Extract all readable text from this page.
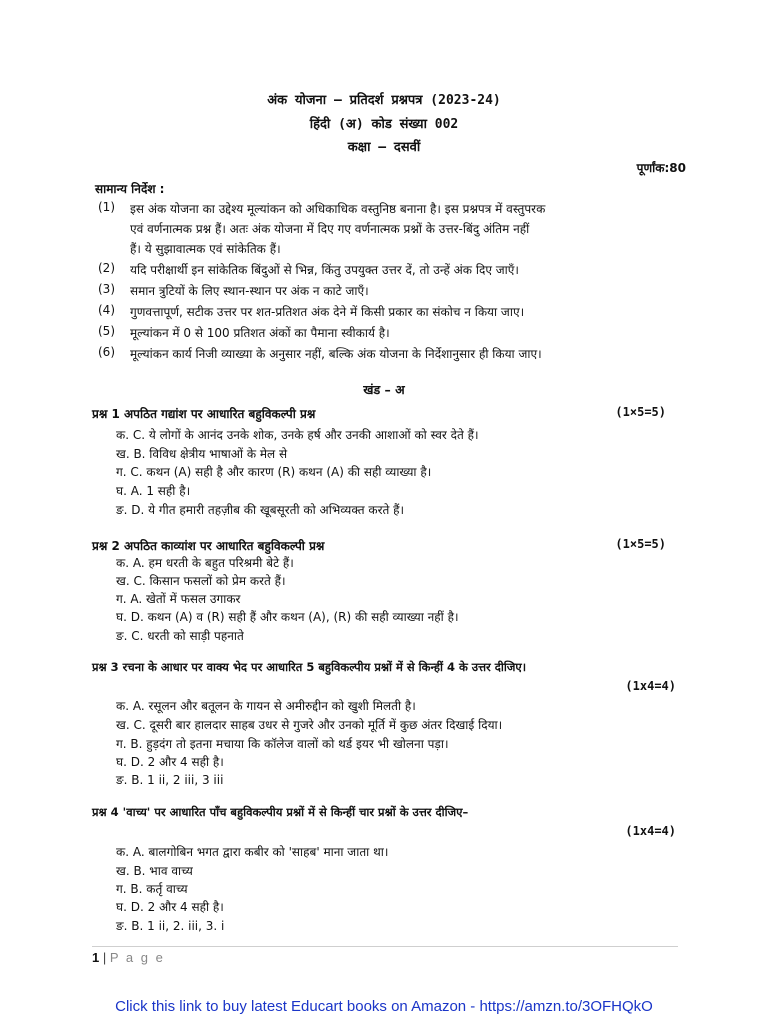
अंक योजना – प्रतिदर्श प्रश्नपत्र (2023-24)
हिंदी (अ) कोड संख्या 002
कक्षा – दसवीं
पूर्णांक:80
सामान्य निर्देश :
(1) इस अंक योजना का उद्देश्य मूल्यांकन को अधिकाधिक वस्तुनिष्ठ बनाना है। इस प्रश्नपत्र में वस्तुपरक
एवं वर्णनात्मक प्रश्न हैं। अतः अंक योजना में दिए गए वर्णनात्मक प्रश्नों के उत्तर-बिंदु अंतिम नहीं
हैं। ये सुझावात्मक एवं सांकेतिक हैं।
(2) यदि परीक्षार्थी इन सांकेतिक बिंदुओं से भिन्न, किंतु उपयुक्त उत्तर दें, तो उन्हें अंक दिए जाएँ।
(3) समान त्रुटियों के लिए स्थान-स्थान पर अंक न काटे जाएँ।
(4) गुणवत्तापूर्ण, सटीक उत्तर पर शत-प्रतिशत अंक देने में किसी प्रकार का संकोच न किया जाए।
(5) मूल्यांकन में 0 से 100 प्रतिशत अंकों का पैमाना स्वीकार्य है।
(6) मूल्यांकन कार्य निजी व्याख्या के अनुसार नहीं, बल्कि अंक योजना के निर्देशानुसार ही किया जाए।
खंड – अ
प्रश्न 1 अपठित गद्यांश पर आधारित बहुविकल्पी प्रश्न	(1×5=5)
क. C. ये लोगों के आनंद उनके शोक, उनके हर्ष और उनकी आशाओं को स्वर देते हैं।
ख. B. विविध क्षेत्रीय भाषाओं के मेल से
ग. C. कथन (A) सही है और कारण (R) कथन (A) की सही व्याख्या है।
घ. A. 1 सही है।
ङ. D. ये गीत हमारी तहज़ीब की खूबसूरती को अभिव्यक्त करते हैं।
प्रश्न 2 अपठित काव्यांश पर आधारित बहुविकल्पी प्रश्न	(1×5=5)
क. A. हम धरती के बहुत परिश्रमी बेटे हैं।
ख. C. किसान फसलों को प्रेम करते हैं।
ग. A. खेतों में फसल उगाकर
घ. D. कथन (A) व (R) सही हैं और कथन (A), (R) की सही व्याख्या नहीं है।
ङ. C. धरती को साड़ी पहनाते
प्रश्न 3 रचना के आधार पर वाक्य भेद पर आधारित 5 बहुविकल्पीय प्रश्नों में से किन्हीं 4 के उत्तर दीजिए।
(1x4=4)
क. A. रसूलन और बतूलन के गायन से अमीरुद्दीन को खुशी मिलती है।
ख. C. दूसरी बार हालदार साहब उधर से गुजरे और उनको मूर्ति में कुछ अंतर दिखाई दिया।
ग. B. हुड़दंग तो इतना मचाया कि कॉलेज वालों को थर्ड इयर भी खोलना पड़ा।
घ. D. 2 और 4 सही है।
ङ. B. 1 ii, 2 iii, 3 iii
प्रश्न 4 'वाच्य' पर आधारित पाँच बहुविकल्पीय प्रश्नों में से किन्हीं चार प्रश्नों के उत्तर दीजिए–
(1x4=4)
क. A. बालगोबिन भगत द्वारा कबीर को 'साहब' माना जाता था।
ख. B. भाव वाच्य
ग. B. कर्तृ वाच्य
घ. D. 2 और 4 सही है।
ङ. B. 1 ii, 2. iii, 3. i
1 | P a g e
Click this link to buy latest Educart books on Amazon - https://amzn.to/3OFHQkO
